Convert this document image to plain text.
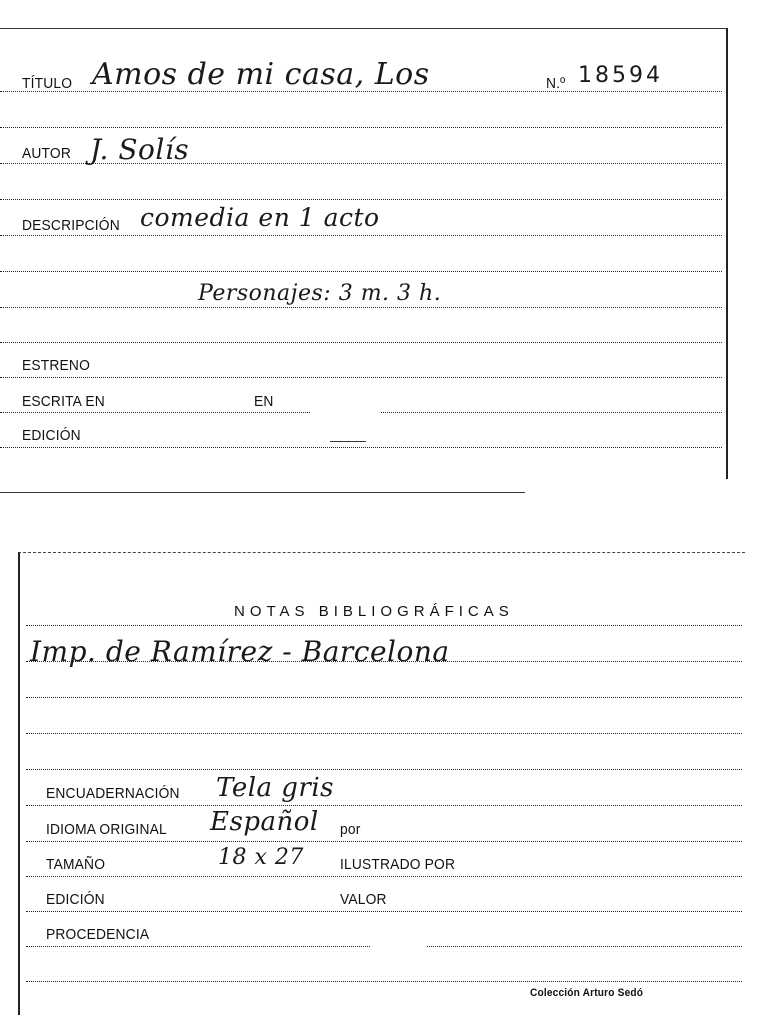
TÍTULO Amos de mi casa, Los	N.º 18594
AUTOR J. Solís
DESCRIPCIÓN comedia en 1 acto
Personajes: 3 m. 3 h.
ESTRENO
ESCRITA EN	EN
EDICIÓN
NOTAS BIBLIOGRÁFICAS
Imp. de Ramírez - Barcelona
ENCUADERNACIÓN Tela gris
IDIOMA ORIGINAL Español por
TAMAÑO	18 x 27 ILUSTRADO POR
EDICIÓN	VALOR
PROCEDENCIA
Colección Arturo Sedó
